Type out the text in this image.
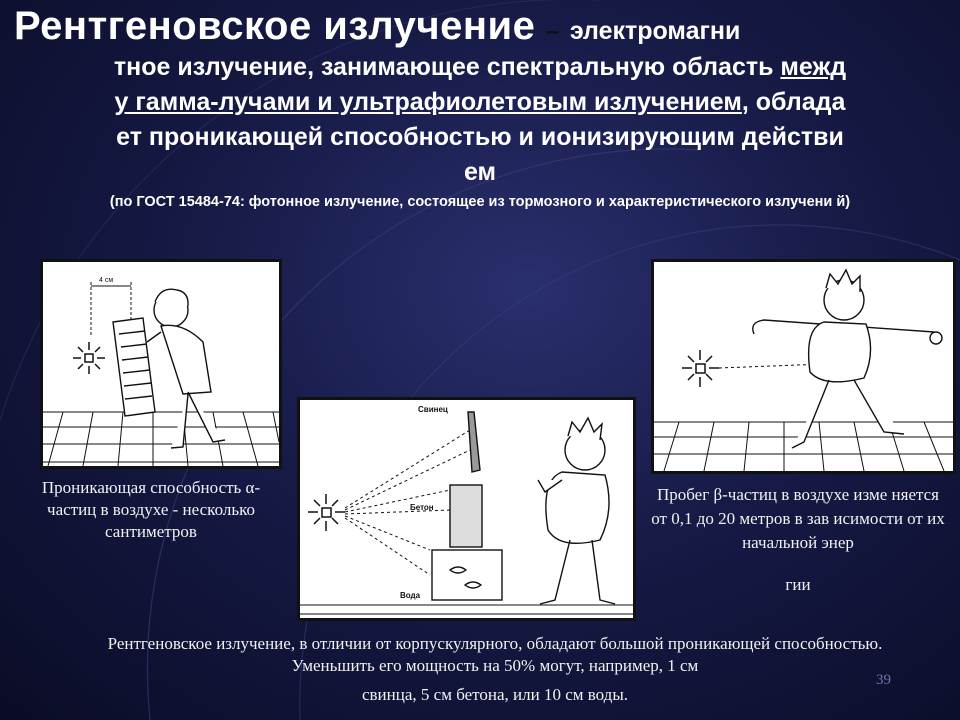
Рентгеновское излучение – электромагни
тное излучение, занимающее спектральную область межд
у гамма-лучами и ультрафиолетовым излучением, облада
ет проникающей способностью и ионизирующим действи
ем
(по ГОСТ 15484-74: фотонное излучение, состоящее из тормозного и характеристического излучени й)
4 см
Свинец
Бетон
Вода
Проникающая способность α-частиц в воздухе - несколько сантиметров
Пробег β-частиц в воздухе изме няется от 0,1 до 20 метров в зав исимости от их начальной энер
гии
Рентгеновское излучение, в отличии от корпускулярного, обладают большой проникающей способностью. Уменьшить его мощность на 50% могут, например, 1 см
свинца, 5 см бетона, или 10 см воды.
39
